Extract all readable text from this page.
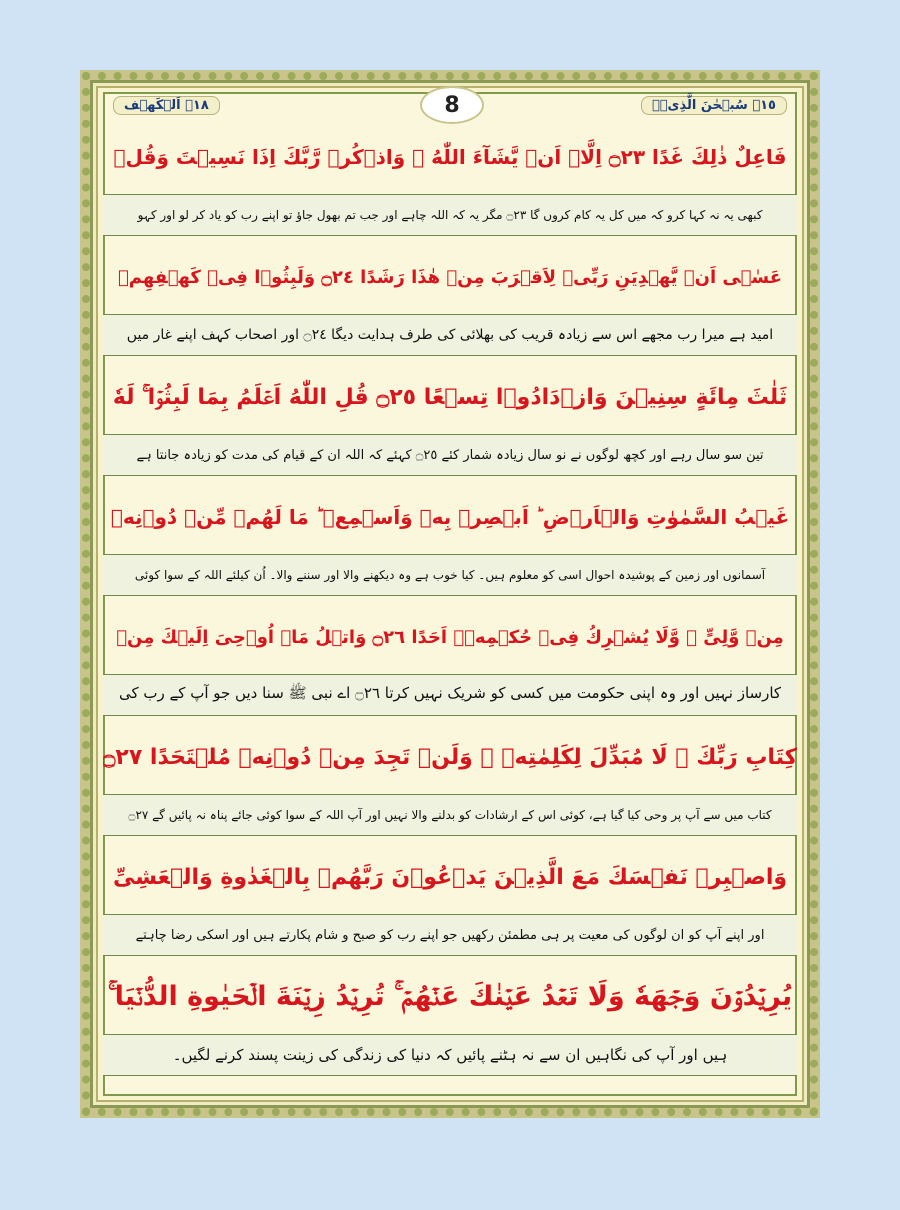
١٨۔ اَلۡکَھۡف	١٥۔ سُبۡحٰنَ الَّذِیۡۤ
8
فَاعِلٌ ذٰلِكَ غَدًا ۝٢٣ اِلَّاۤ اَنۡ یَّشَآءَ اللّٰهُ ۫ وَاذۡكُرۡ رَّبَّكَ اِذَا نَسِیۡتَ وَقُلۡ
کبھی یہ نہ کہا کرو کہ میں کل یہ کام کروں گا ۝٢٣ مگر یہ کہ اللہ چاہے اور جب تم بھول جاؤ تو اپنے رب کو یاد کر لو اور کہو
عَسٰۤی اَنۡ یَّهۡدِیَنِ رَبِّیۡ لِاَقۡرَبَ مِنۡ هٰذَا رَشَدًا ۝٢٤ وَلَبِثُوۡا فِیۡ كَهۡفِهِمۡ
امید ہے میرا رب مجھے اس سے زیادہ قریب کی بھلائی کی طرف ہدایت دیگا ۝٢٤ اور اصحاب کہف اپنے غار میں
ثَلٰثَ مِائَةٍ سِنِیۡنَ وَازۡدَادُوۡا تِسۡعًا ۝٢٥ قُلِ اللّٰهُ اَعۡلَمُ بِمَا لَبِثُوۡا ۚ لَهٗ
تین سو سال رہے اور کچھ لوگوں نے نو سال زیادہ شمار کئے ۝٢٥ کہئے کہ اللہ ان کے قیام کی مدت کو زیادہ جانتا ہے
غَیۡبُ السَّمٰوٰتِ وَالۡاَرۡضِ ؕ اَبۡصِرۡ بِهٖ وَاَسۡمِعۡ ؕ مَا لَهُمۡ مِّنۡ دُوۡنِهٖ
آسمانوں اور زمین کے پوشیدہ احوال اسی کو معلوم ہیں۔ کیا خوب ہے وہ دیکھنے والا اور سننے والا۔ اُن کیلئے اللہ کے سوا کوئی
مِنۡ وَّلِیٍّ ۫ وَّلَا یُشۡرِكُ فِیۡ حُكۡمِهٖۤ اَحَدًا ۝٢٦ وَاتۡلُ مَاۤ اُوۡحِیَ اِلَیۡكَ مِنۡ
کارساز نہیں اور وہ اپنی حکومت میں کسی کو شریک نہیں کرتا ۝٢٦ اے نبی ﷺ سنا دیں جو آپ کے رب کی
كِتَابِ رَبِّكَ ۚ لَا مُبَدِّلَ لِكَلِمٰتِهٖ ۚ وَلَنۡ تَجِدَ مِنۡ دُوۡنِهٖ مُلۡتَحَدًا ۝٢٧
کتاب میں سے آپ پر وحی کیا گیا ہے، کوئی اس کے ارشادات کو بدلنے والا نہیں اور آپ اللہ کے سوا کوئی جائے پناہ نہ پائیں گے ۝٢٧
وَاصۡبِرۡ نَفۡسَكَ مَعَ الَّذِیۡنَ یَدۡعُوۡنَ رَبَّهُمۡ بِالۡغَدٰوةِ وَالۡعَشِیِّ
اور اپنے آپ کو ان لوگوں کی معیت پر ہی مطمئن رکھیں جو اپنے رب کو صبح و شام پکارتے ہیں اور اسکی رضا چاہتے
یُرِیۡدُوۡنَ وَجۡهَهٗ وَلَا تَعۡدُ عَیۡنٰكَ عَنۡهُمۡ ۚ تُرِیۡدُ زِیۡنَةَ الۡحَیٰوةِ الدُّنۡیَا ۚ
ہیں اور آپ کی نگاہیں ان سے نہ ہٹنے پائیں کہ دنیا کی زندگی کی زینت پسند کرنے لگیں۔
